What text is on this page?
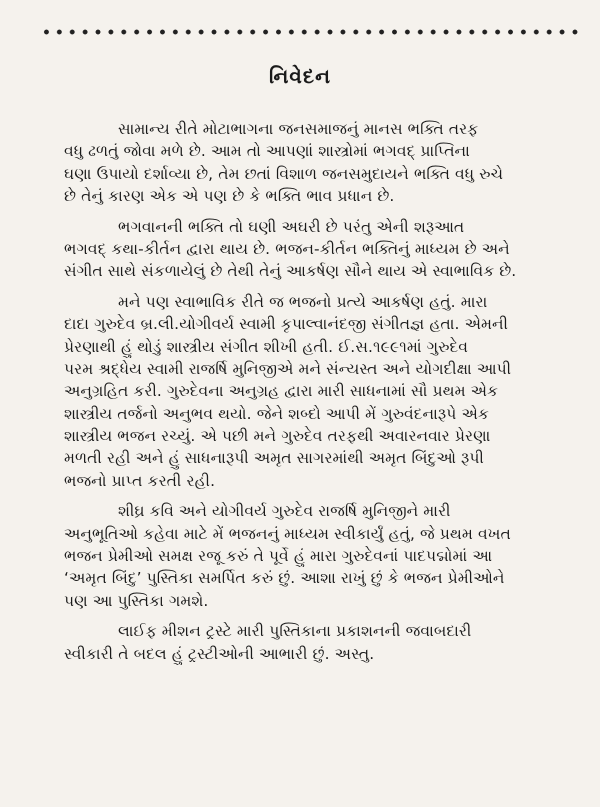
નિવેદન
સામાન્ય રીતે મોટાભાગના જનસમાજનું માનસ ભક્તિ તરફ
વધુ ઢળતું જોવા મળે છે. આમ તો આપણાં શાસ્ત્રોમાં ભગવદ્ પ્રાપ્તિના
ઘણા ઉપાયો દર્શાવ્યા છે, તેમ છતાં વિશાળ જનસમુદાયને ભક્તિ વધુ રુચે
છે તેનું કારણ એક એ પણ છે કે ભક્તિ ભાવ પ્રધાન છે.
ભગવાનની ભક્તિ તો ઘણી અઘરી છે પરંતુ એની શરૂઆત
ભગવદ્ કથા-કીર્તન દ્વારા થાય છે. ભજન-કીર્તન ભક્તિનું માધ્યમ છે અને
સંગીત સાથે સંકળાયેલું છે તેથી તેનું આકર્ષણ સૌને થાય એ સ્વાભાવિક છે.
મને પણ સ્વાભાવિક રીતે જ ભજનો પ્રત્યે આકર્ષણ હતું. મારા
દાદા ગુરુદેવ બ્ર.લી.યોગીવર્ય સ્વામી કૃપાલ્વાનંદજી સંગીતજ્ઞ હતા. એમની
પ્રેરણાથી હું થોડું શાસ્ત્રીય સંગીત શીખી હતી. ઈ.સ.૧૯૯૧માં ગુરુદેવ
પરમ શ્રદ્ધેય સ્વામી રાજર્ષિ મુનિજીએ મને સંન્યસ્ત અને યોગદીક્ષા આપી
અનુગ્રહિત કરી. ગુરુદેવના અનુગ્રહ દ્વારા મારી સાધનામાં સૌ પ્રથમ એક
શાસ્ત્રીય તર્જનો અનુભવ થયો. જેને શબ્દો આપી મેં ગુરુવંદનારૂપે એક
શાસ્ત્રીય ભજન રચ્યું. એ પછી મને ગુરુદેવ તરફથી અવારનવાર પ્રેરણા
મળતી રહી અને હું સાધનારૂપી અમૃત સાગરમાંથી અમૃત બિંદુઓ રૂપી
ભજનો પ્રાપ્ત કરતી રહી.
શીઘ્ર કવિ અને યોગીવર્ય ગુરુદેવ રાજર્ષિ મુનિજીને મારી
અનુભૂતિઓ કહેવા માટે મેં ભજનનું માધ્યમ સ્વીકાર્યું હતું, જે પ્રથમ વખત
ભજન પ્રેમીઓ સમક્ષ રજૂ કરું તે પૂર્વે હું મારા ગુરુદેવનાં પાદપદ્મોમાં આ
‘અમૃત બિંદુ’ પુસ્તિકા સમર્પિત કરું છું. આશા રાખું છું કે ભજન પ્રેમીઓને
પણ આ પુસ્તિકા ગમશે.
લાઈફ મીશન ટ્રસ્ટે મારી પુસ્તિકાના પ્રકાશનની જવાબદારી
સ્વીકારી તે બદલ હું ટ્રસ્ટીઓની આભારી છું. અસ્તુ.
